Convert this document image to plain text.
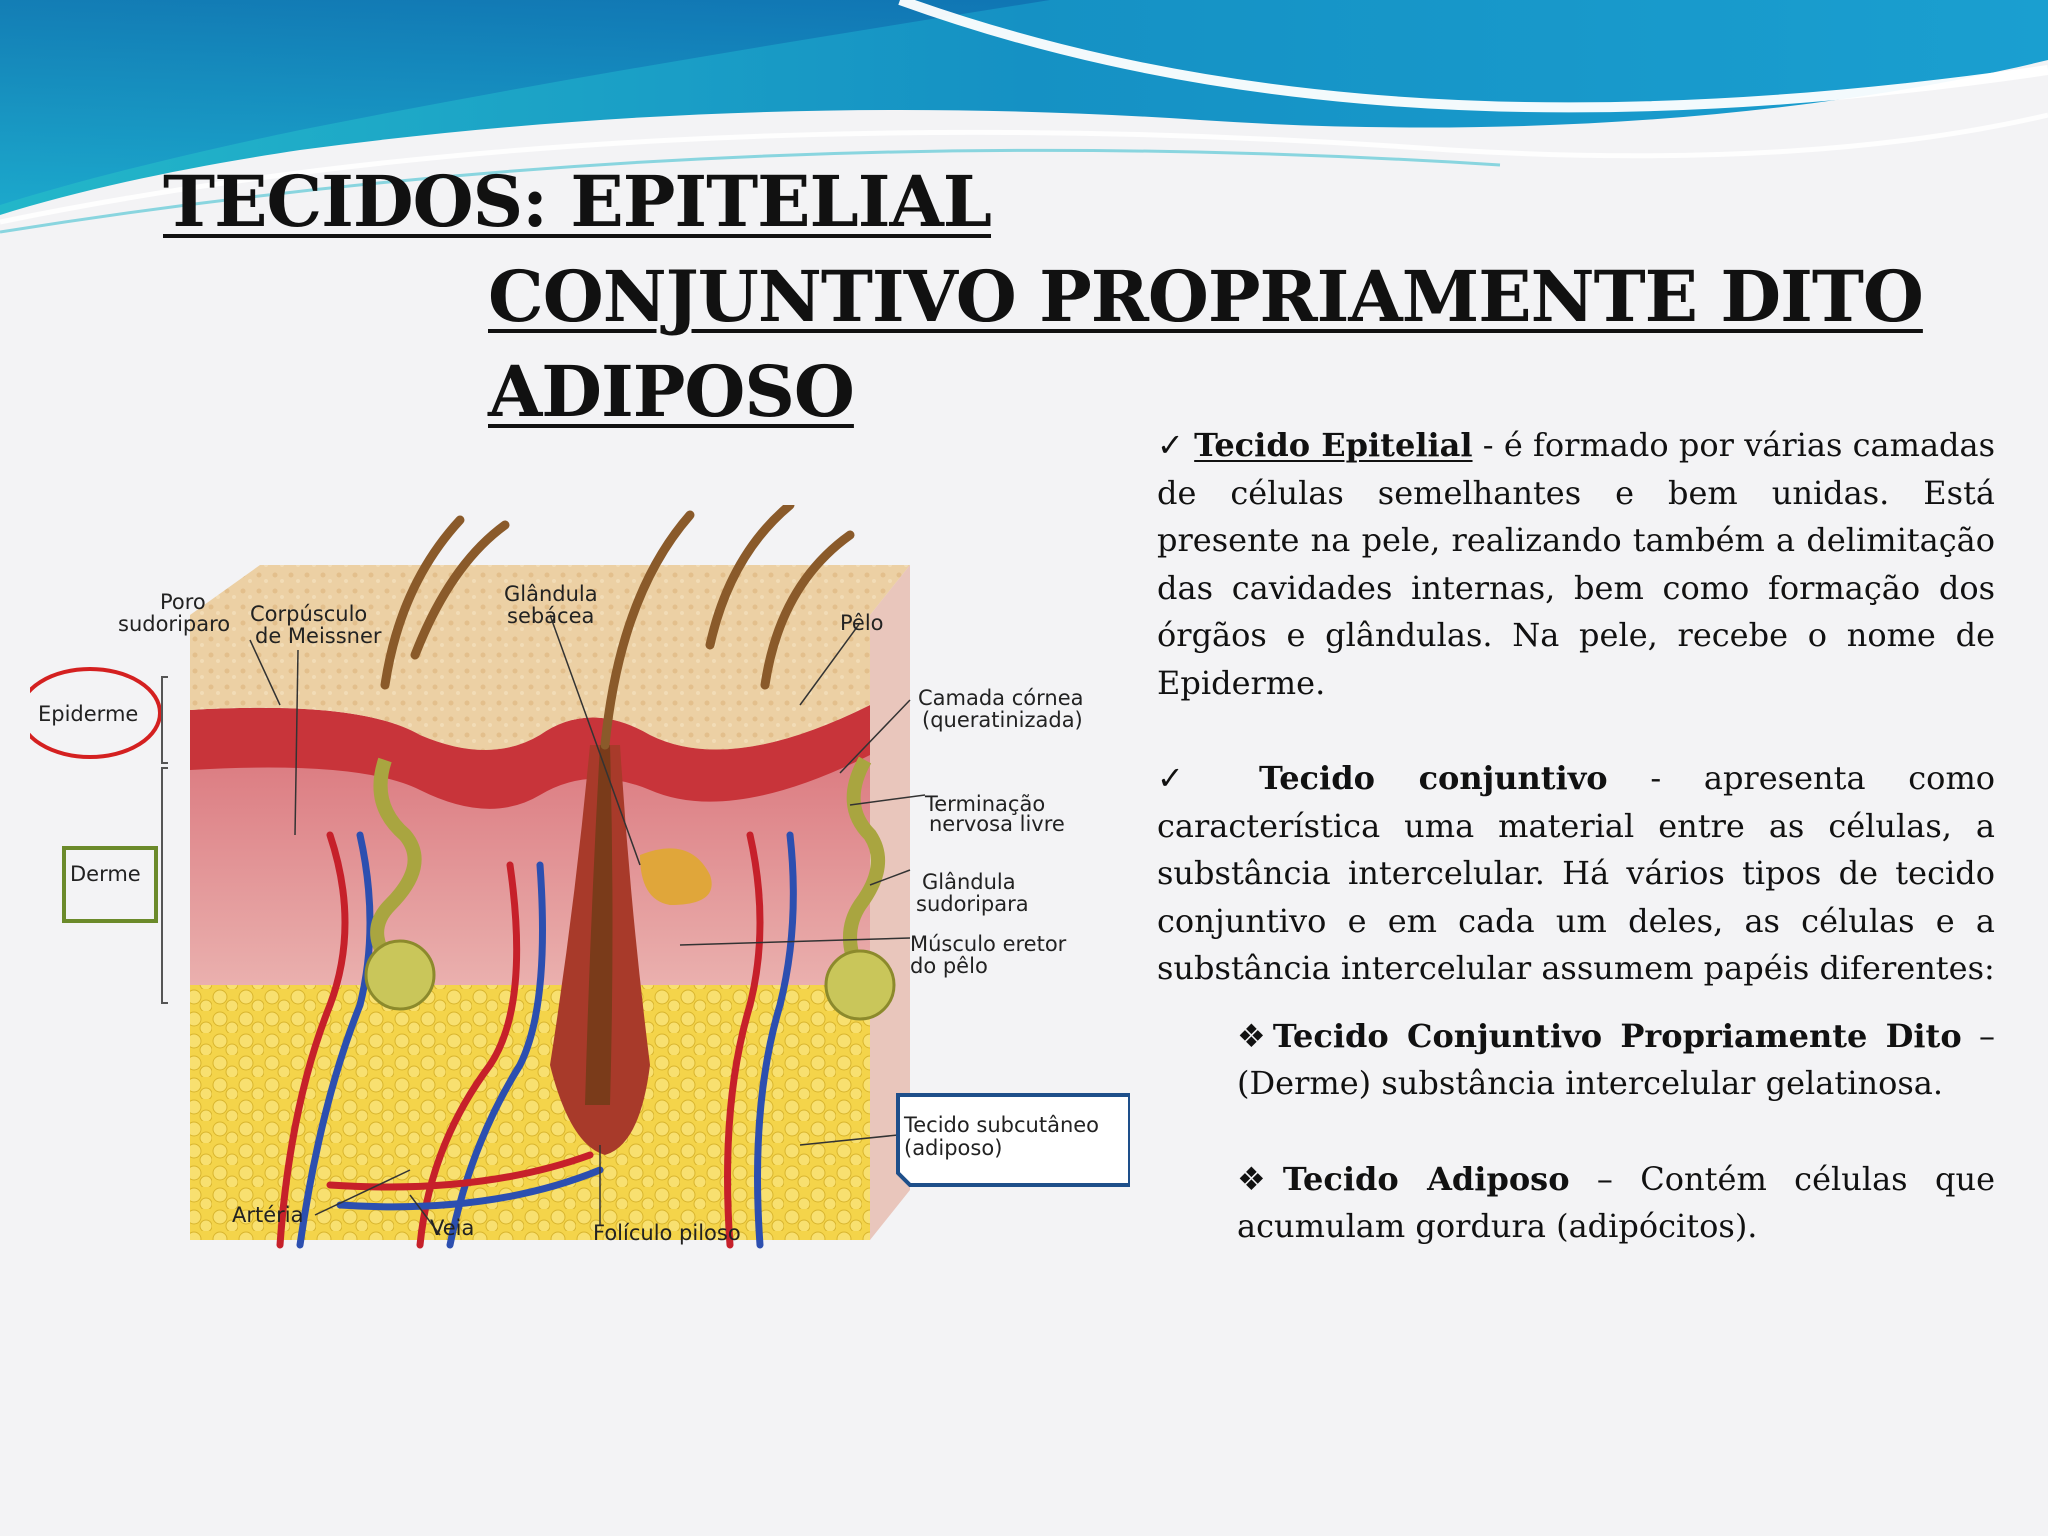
TECIDOS: EPITELIAL
CONJUNTIVO PROPRIAMENTE DITO
ADIPOSO
Poro
sudoriparo Corpúsculo
de Meissner
Glândula
sebácea	Pêlo
Camada córnea
(queratinizada)
Terminação
nervosa livre
Glândula
sudoripara
Músculo eretor
do pêlo
Artéria
Veia	Folículo piloso
Epiderme
Derme
Tecido subcutâneo
(adiposo)

✓ Tecido Epitelial - é formado por várias camadas de células semelhantes e bem unidas. Está presente na pele, realizando também a delimitação das cavidades internas, bem como formação dos órgãos e glândulas. Na pele, recebe o nome de Epiderme.

✓ Tecido conjuntivo - apresenta como característica uma material entre as células, a substância intercelular. Há vários tipos de tecido conjuntivo e em cada um deles, as células e a substância intercelular assumem papéis diferentes:

❖Tecido Conjuntivo Propriamente Dito – (Derme) substância intercelular gelatinosa.

❖Tecido Adiposo – Contém células que acumulam gordura (adipócitos).
